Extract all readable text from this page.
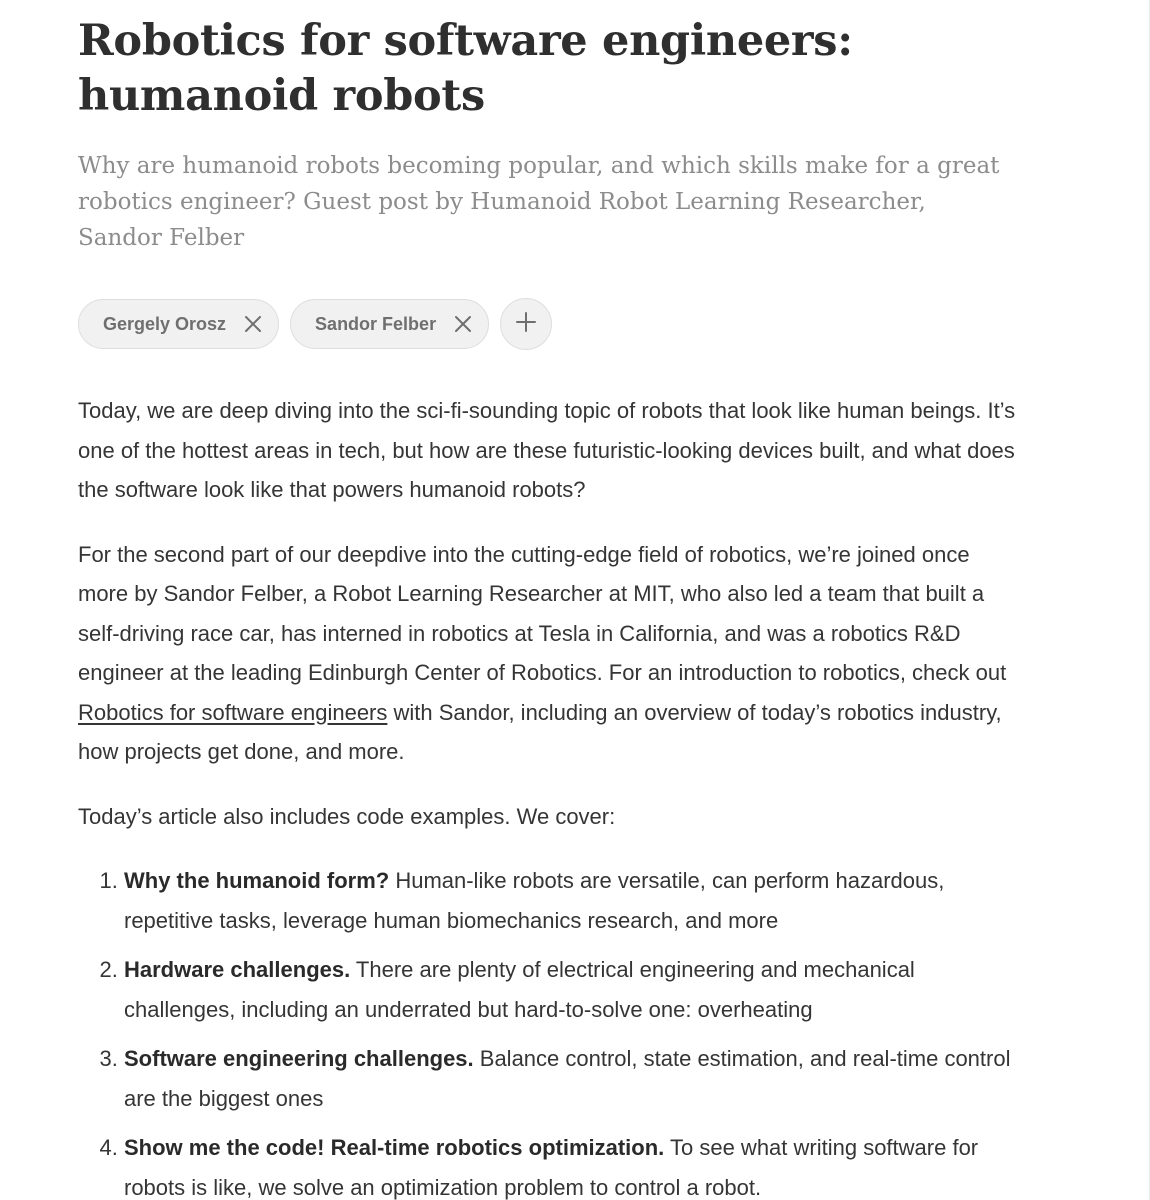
Robotics for software engineers: humanoid robots

Why are humanoid robots becoming popular, and which skills make for a great robotics engineer? Guest post by Humanoid Robot Learning Researcher, Sandor Felber

Gergely Orosz	Sandor Felber

Today, we are deep diving into the sci-fi-sounding topic of robots that look like human beings. It’s one of the hottest areas in tech, but how are these futuristic-looking devices built, and what does the software look like that powers humanoid robots?

For the second part of our deepdive into the cutting-edge field of robotics, we’re joined once more by Sandor Felber, a Robot Learning Researcher at MIT, who also led a team that built a self-driving race car, has interned in robotics at Tesla in California, and was a robotics R&D engineer at the leading Edinburgh Center of Robotics. For an introduction to robotics, check out Robotics for software engineers with Sandor, including an overview of today’s robotics industry, how projects get done, and more.

Today’s article also includes code examples. We cover:

1. Why the humanoid form? Human-like robots are versatile, can perform hazardous, repetitive tasks, leverage human biomechanics research, and more
2. Hardware challenges. There are plenty of electrical engineering and mechanical challenges, including an underrated but hard-to-solve one: overheating
3. Software engineering challenges. Balance control, state estimation, and real-time control are the biggest ones
4. Show me the code! Real-time robotics optimization. To see what writing software for robots is like, we solve an optimization problem to control a robot.
